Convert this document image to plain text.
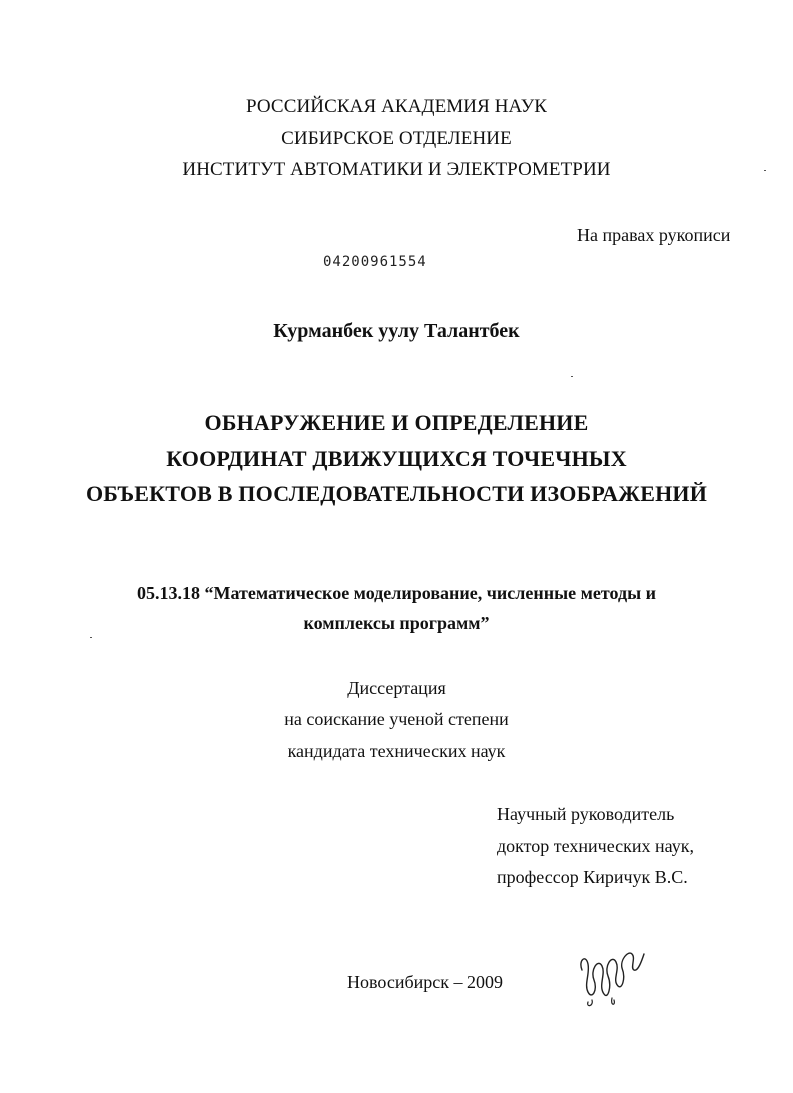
РОССИЙСКАЯ АКАДЕМИЯ НАУК
СИБИРСКОЕ ОТДЕЛЕНИЕ
ИНСТИТУТ АВТОМАТИКИ И ЭЛЕКТРОМЕТРИИ
На правах рукописи
04200961554
Курманбек уулу Талантбек
ОБНАРУЖЕНИЕ И ОПРЕДЕЛЕНИЕ
КООРДИНАТ ДВИЖУЩИХСЯ ТОЧЕЧНЫХ
ОБЪЕКТОВ В ПОСЛЕДОВАТЕЛЬНОСТИ ИЗОБРАЖЕНИЙ
05.13.18 “Математическое моделирование, численные методы и
комплексы программ”
Диссертация
на соискание ученой степени
кандидата технических наук
Научный руководитель
доктор технических наук,
профессор Киричук В.С.
Новосибирск – 2009
